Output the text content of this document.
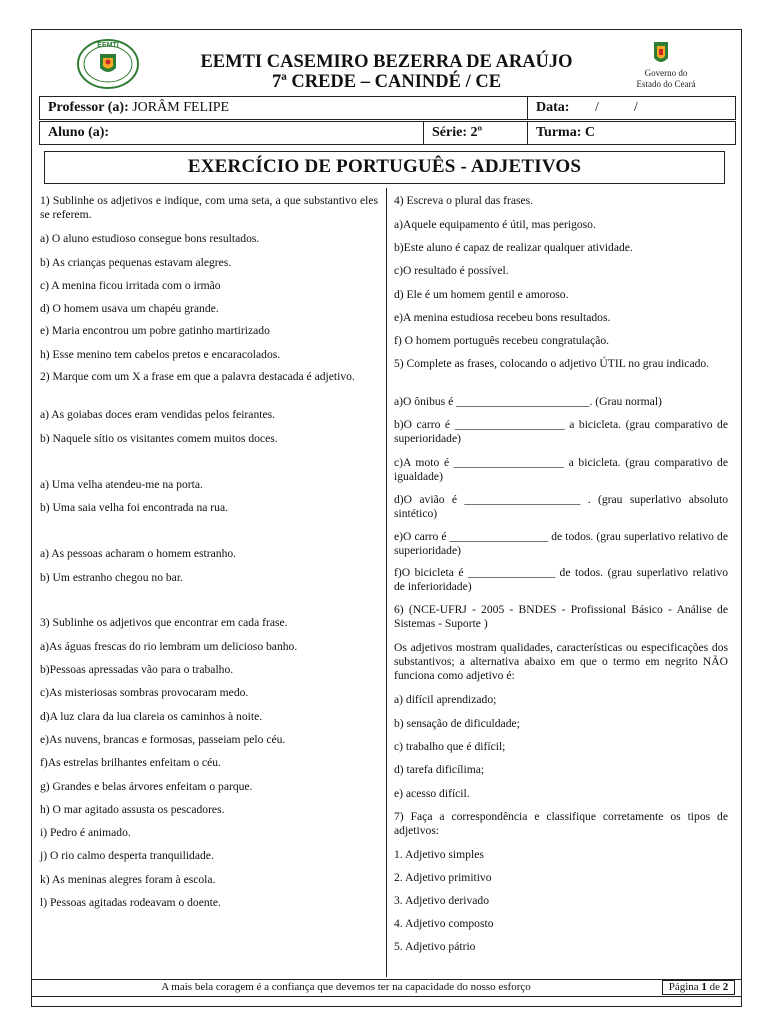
EEMTI
EEMTI CASEMIRO BEZERRA DE ARAÚJO
7ª CREDE – CANINDÉ / CE	Governo do
Estado do Ceará
Professor (a): JORÂM FELIPE	Data: /          /
Aluno (a):	Série: 2º	Turma: C
EXERCÍCIO DE PORTUGUÊS - ADJETIVOS

1) Sublinhe os adjetivos e indique, com uma seta, a que substantivo eles se referem.

a) O aluno estudioso consegue bons resultados.

b) As crianças pequenas estavam alegres.

c) A menina ficou irritada com o irmão

d) O homem usava um chapéu grande.

e) Maria encontrou um pobre gatinho martirizado

h) Esse menino tem cabelos pretos e encaracolados.

2) Marque com um X a frase em que a palavra destacada é adjetivo.

a) As goiabas doces eram vendidas pelos feirantes.

b) Naquele sítio os visitantes comem muitos doces.

a) Uma velha atendeu-me na porta.

b) Uma saia velha foi encontrada na rua.

a) As pessoas acharam o homem estranho.

b) Um estranho chegou no bar.

3) Sublinhe os adjetivos que encontrar em cada frase.

a)As águas frescas do rio lembram um delicioso banho.

b)Pessoas apressadas vão para o trabalho.

c)As misteriosas sombras provocaram medo.

d)A luz clara da lua clareia os caminhos à noite.

e)As nuvens, brancas e formosas, passeiam pelo céu.

f)As estrelas brilhantes enfeitam o céu.

g) Grandes e belas árvores enfeitam o parque.

h) O mar agitado assusta os pescadores.

i) Pedro é animado.

j) O rio calmo desperta tranquilidade.

k) As meninas alegres foram à escola.

l) Pessoas agitadas rodeavam o doente.

4) Escreva o plural das frases.

a)Aquele equipamento é útil, mas perigoso.

b)Este aluno é capaz de realizar qualquer atividade.

c)O resultado é possível.

d) Ele é um homem gentil e amoroso.

e)A menina estudiosa recebeu bons resultados.

f) O homem português recebeu congratulação.

5) Complete as frases, colocando o adjetivo ÚTIL no grau indicado.

a)O ônibus é _______________________. (Grau normal)

b)O carro é ___________________ a bicicleta. (grau comparativo de superioridade)

c)A moto é ___________________ a bicicleta. (grau comparativo de igualdade)

d)O avião é ____________________ . (grau superlativo absoluto sintético)

e)O carro é _________________ de todos. (grau superlativo relativo de superioridade)

f)O bicicleta é _______________ de todos. (grau superlativo relativo de inferioridade)

6) (NCE-UFRJ - 2005 - BNDES - Profissional Básico - Análise de Sistemas - Suporte )

Os adjetivos mostram qualidades, características ou especificações dos substantivos; a alternativa abaixo em que o termo em negrito NÃO funciona como adjetivo é:

a) difícil aprendizado;

b) sensação de dificuldade;

c) trabalho que é difícil;

d) tarefa dificílima;

e) acesso difícil.

7) Faça a correspondência e classifique corretamente os tipos de adjetivos:

1. Adjetivo simples

2. Adjetivo primitivo

3. Adjetivo derivado

4. Adjetivo composto

5. Adjetivo pátrio

A mais bela coragem é a confiança que devemos ter na capacidade do nosso esforço	Página 1 de 2
